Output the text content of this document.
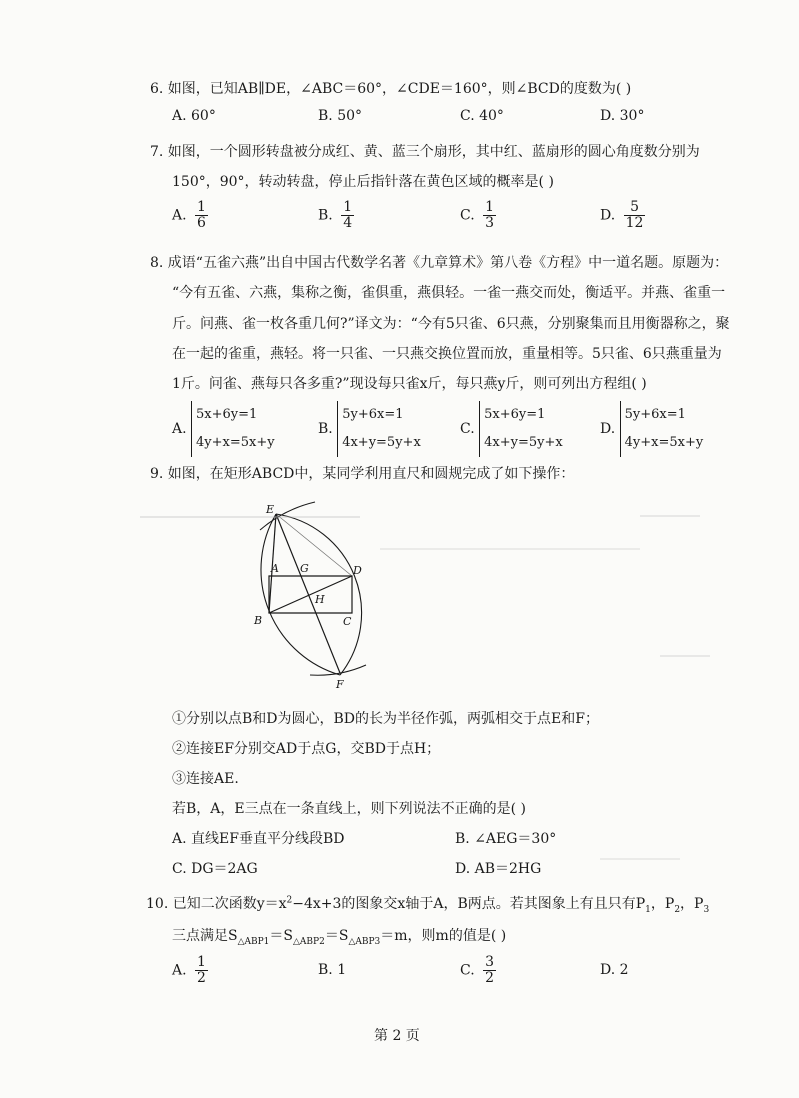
6. 如图，已知AB∥DE，∠ABC＝60°，∠CDE＝160°，则∠BCD的度数为( )
A. 60°	B. 50°	C. 40°	D. 30°
7. 如图，一个圆形转盘被分成红、黄、蓝三个扇形，其中红、蓝扇形的圆心角度数分别为
150°，90°，转动转盘，停止后指针落在黄色区域的概率是( )
A. $\frac{1}{6}$	B. $\frac{1}{4}$	C. $\frac{1}{3}$	D. $\frac{5}{12}$
8. 成语“五雀六燕”出自中国古代数学名著《九章算术》第八卷《方程》中一道名题。原题为：
“今有五雀、六燕，集称之衡，雀俱重，燕俱轻。一雀一燕交而处，衡适平。并燕、雀重一
斤。问燕、雀一枚各重几何?”译文为：“今有5只雀、6只燕，分别聚集而且用衡器称之，聚
在一起的雀重，燕轻。将一只雀、一只燕交换位置而放，重量相等。5只雀、6只燕重量为
1斤。问雀、燕每只各多重?”现设每只雀x斤，每只燕y斤，则可列出方程组( )
A.
5x+6y=1
4y+x=5x+y
B.
5y+6x=1
4x+y=5y+x
C.
5x+6y=1
4x+y=5y+x
D.
5y+6x=1
4y+x=5x+y
9. 如图，在矩形ABCD中，某同学利用直尺和圆规完成了如下操作：
E
A G	D
H
B	C
F
①分别以点B和D为圆心，BD的长为半径作弧，两弧相交于点E和F；
②连接EF分别交AD于点G，交BD于点H；
③连接AE.
若B，A，E三点在一条直线上，则下列说法不正确的是( )
A. 直线EF垂直平分线段BD	B. ∠AEG＝30°
C. DG＝2AG	D. AB＝2HG
10. 已知二次函数$y=x^2-4x+3$的图象交x轴于A，B两点。若其图象上有且只有$P_1$，$P_2$，$P_3$
三点满足$S_{\triangle ABP1}=S_{\triangle ABP2}=S_{\triangle ABP3}=m$，则m的值是( )
A. $\frac{1}{2}$	B. 1	C. $\frac{3}{2}$	D. 2
第 2 页
